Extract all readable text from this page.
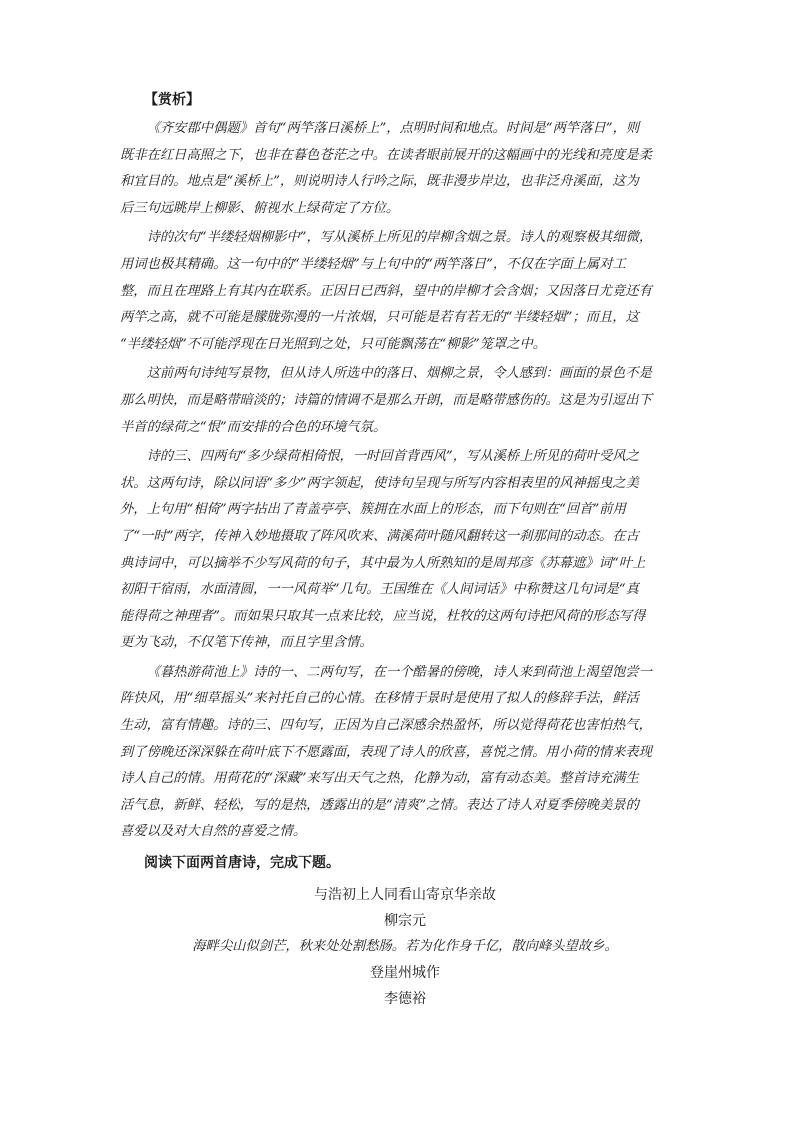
【赏析】
《齐安郡中偶题》首句“两竿落日溪桥上”，点明时间和地点。时间是“两竿落日”，则
既非在红日高照之下，也非在暮色苍茫之中。在读者眼前展开的这幅画中的光线和亮度是柔
和宜目的。地点是“溪桥上”，则说明诗人行吟之际，既非漫步岸边，也非泛舟溪面，这为
后三句远眺岸上柳影、俯视水上绿荷定了方位。
诗的次句“半缕轻烟柳影中”，写从溪桥上所见的岸柳含烟之景。诗人的观察极其细微，
用词也极其精确。这一句中的“半缕轻烟”与上句中的“两竿落日”，不仅在字面上属对工
整，而且在理路上有其内在联系。正因日已西斜，望中的岸柳才会含烟；又因落日尤竟还有
两竿之高，就不可能是朦胧弥漫的一片浓烟，只可能是若有若无的“半缕轻烟”；而且，这
“半缕轻烟”不可能浮现在日光照到之处，只可能飘荡在“柳影”笼罩之中。
这前两句诗纯写景物，但从诗人所选中的落日、烟柳之景，令人感到：画面的景色不是
那么明快，而是略带暗淡的；诗篇的情调不是那么开朗，而是略带感伤的。这是为引逗出下
半首的绿荷之“恨”而安排的合色的环境气氛。
诗的三、四两句“多少绿荷相倚恨，一时回首背西风”，写从溪桥上所见的荷叶受风之
状。这两句诗，除以问语“多少”两字领起，使诗句呈现与所写内容相表里的风神摇曳之美
外，上句用“相倚”两字拈出了青盖亭亭、簇拥在水面上的形态，而下句则在“回首”前用
了“一时”两字，传神入妙地摄取了阵风吹来、满溪荷叶随风翻转这一刹那间的动态。在古
典诗词中，可以摘举不少写风荷的句子，其中最为人所熟知的是周邦彦《苏幕遮》词“叶上
初阳干宿雨，水面清圆，一一风荷举”几句。王国维在《人间词话》中称赞这几句词是“真
能得荷之神理者”。而如果只取其一点来比较，应当说，杜牧的这两句诗把风荷的形态写得
更为飞动，不仅笔下传神，而且字里含情。
《暮热游荷池上》诗的一、二两句写，在一个酷暑的傍晚，诗人来到荷池上渴望饱尝一
阵快风，用“细草摇头”来衬托自己的心情。在移情于景时是使用了拟人的修辞手法，鲜活
生动，富有情趣。诗的三、四句写，正因为自己深感余热盈怀，所以觉得荷花也害怕热气，
到了傍晚还深深躲在荷叶底下不愿露面，表现了诗人的欣喜，喜悦之情。用小荷的情来表现
诗人自己的情。用荷花的“深藏”来写出天气之热，化静为动，富有动态美。整首诗充满生
活气息，新鲜、轻松，写的是热，透露出的是“清爽”之情。表达了诗人对夏季傍晚美景的
喜爱以及对大自然的喜爱之情。
阅读下面两首唐诗，完成下题。
与浩初上人同看山寄京华亲故
柳宗元
海畔尖山似剑芒，秋来处处割愁肠。若为化作身千亿，散向峰头望故乡。
登崖州城作
李德裕
